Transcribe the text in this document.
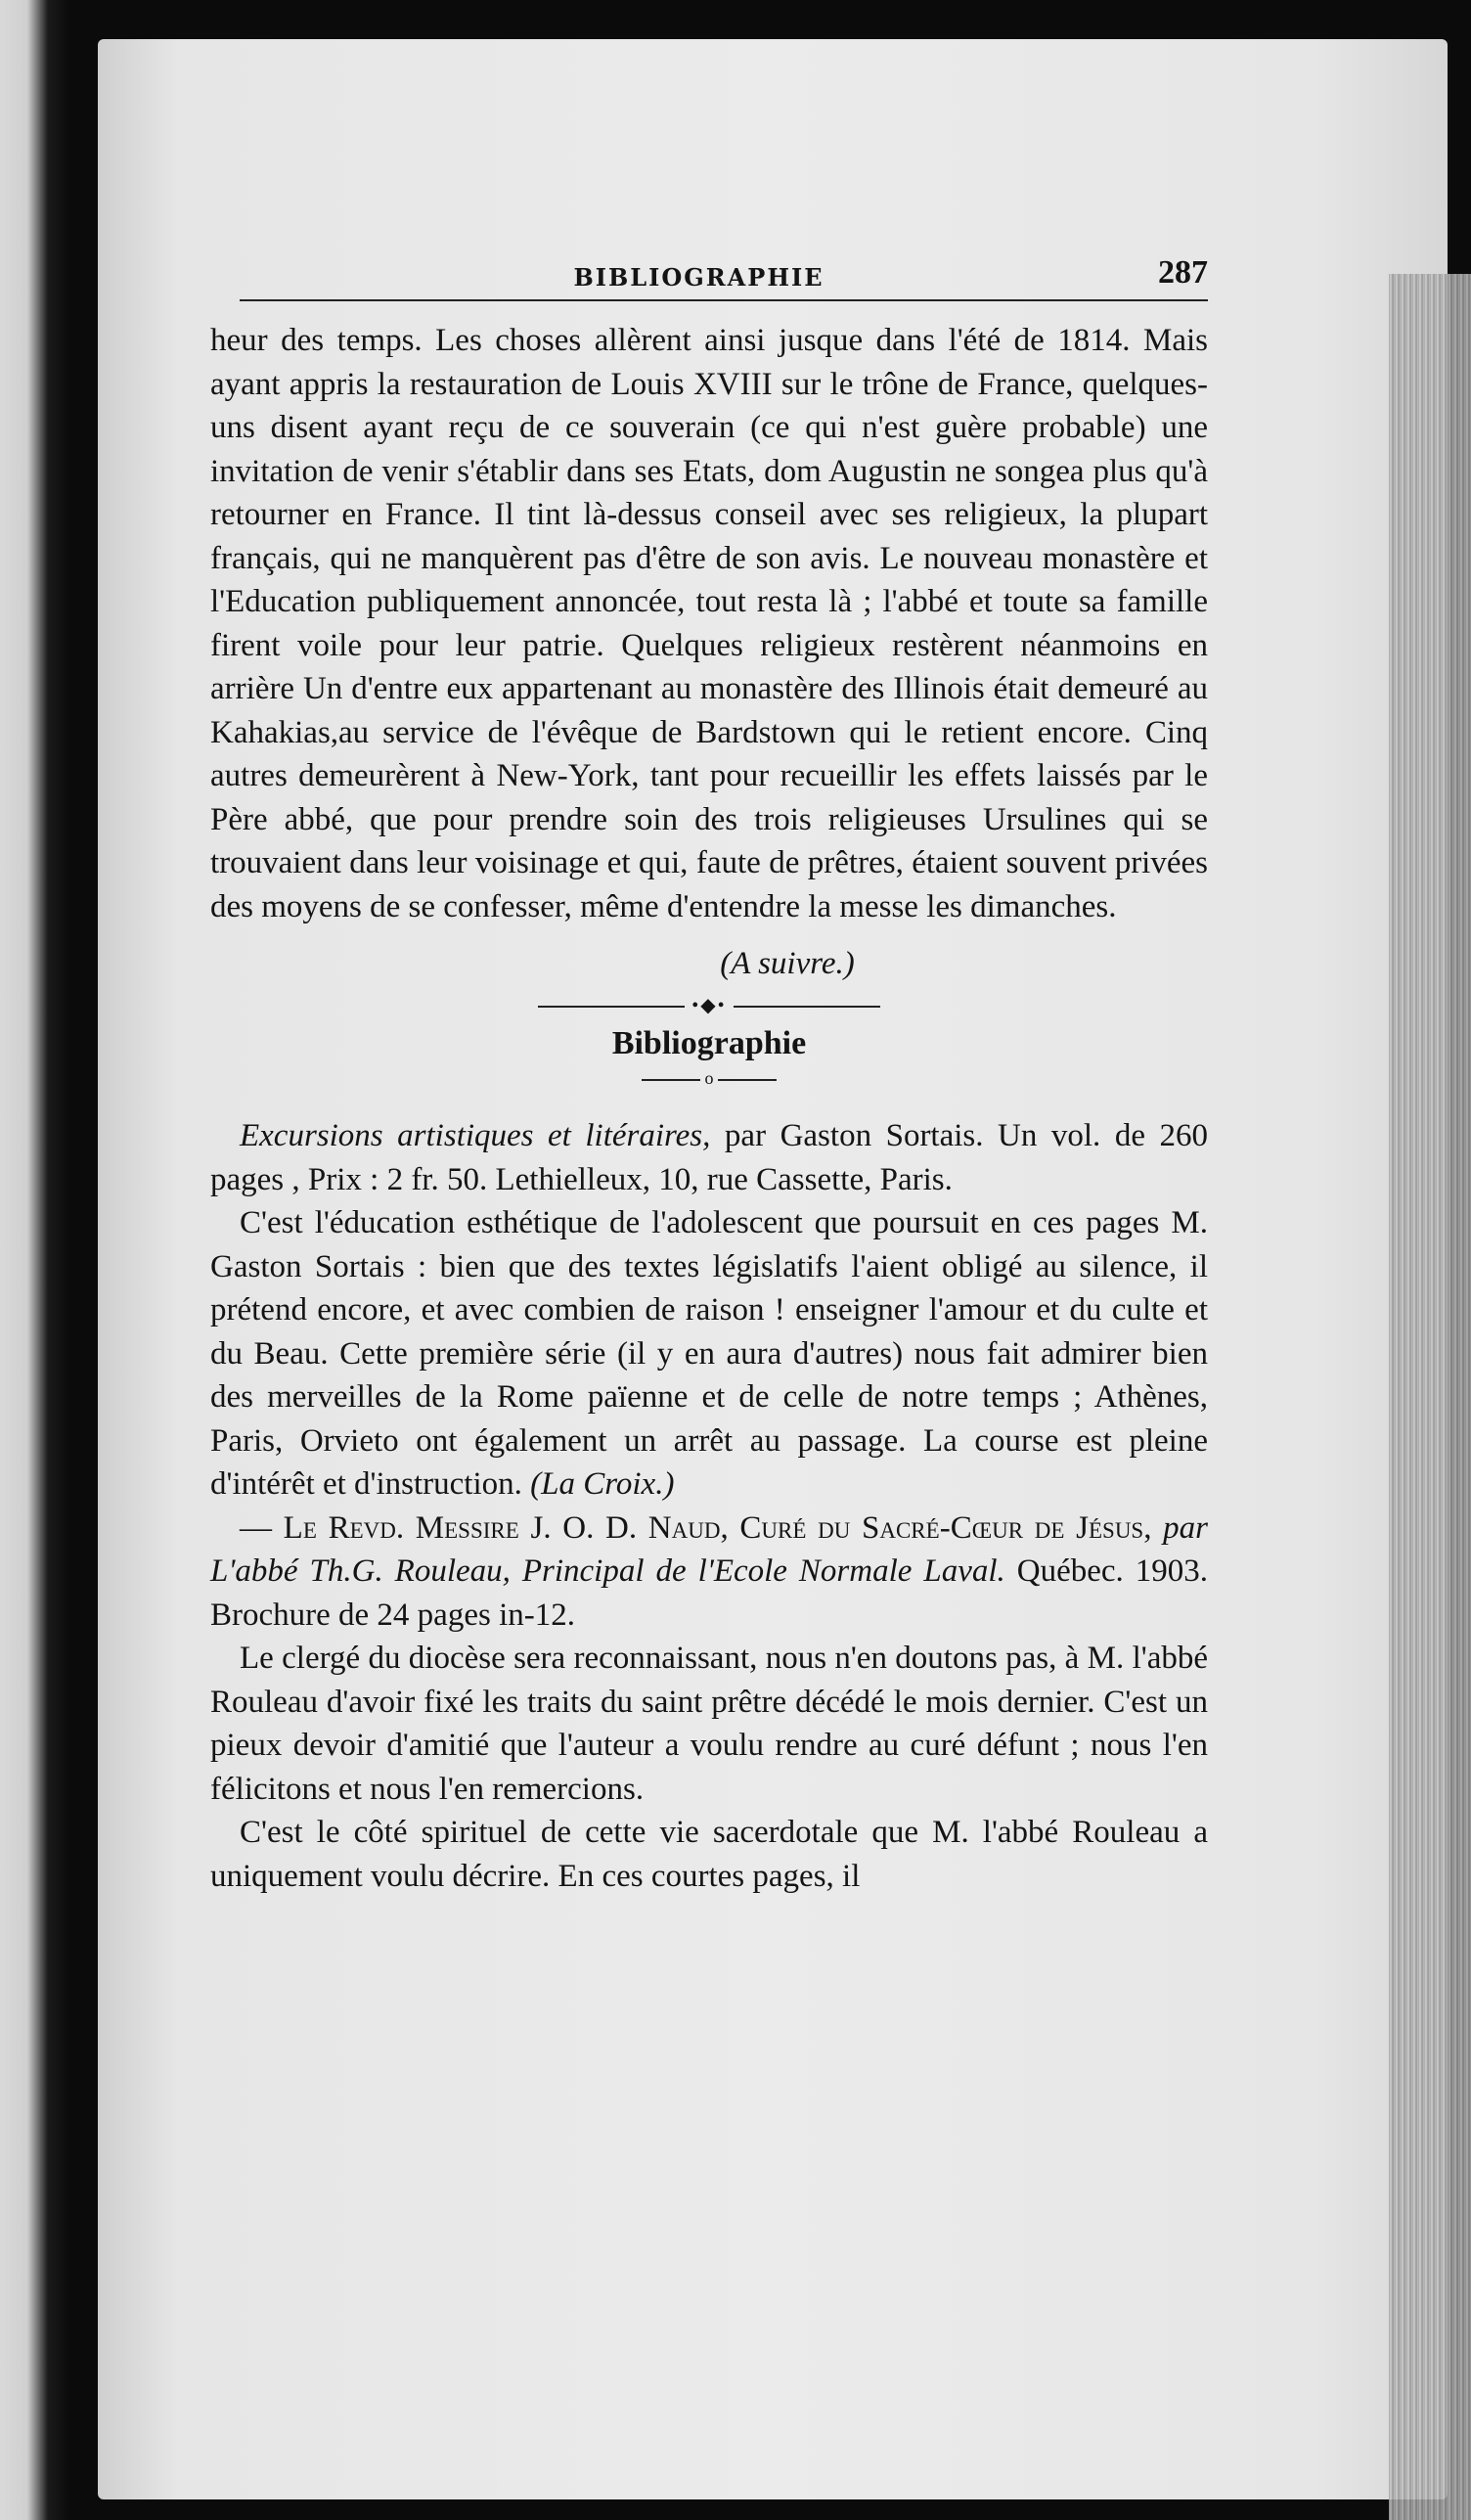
BIBLIOGRAPHIE	287

heur des temps. Les choses allèrent ainsi jusque dans l'été de 1814. Mais ayant appris la restauration de Louis XVIII sur le trône de France, quelques-uns disent ayant reçu de ce souverain (ce qui n'est guère probable) une invitation de venir s'établir dans ses Etats, dom Augustin ne songea plus qu'à retourner en France. Il tint là-dessus conseil avec ses religieux, la plupart français, qui ne manquèrent pas d'être de son avis. Le nouveau monastère et l'Education publiquement annoncée, tout resta là ; l'abbé et toute sa famille firent voile pour leur patrie. Quelques religieux restèrent néanmoins en arrière Un d'entre eux appartenant au monastère des Illinois était demeuré au Kahakias,au service de l'évêque de Bardstown qui le retient encore. Cinq autres demeurèrent à New-York, tant pour recueillir les effets laissés par le Père abbé, que pour prendre soin des trois religieuses Ursulines qui se trouvaient dans leur voisinage et qui, faute de prêtres, étaient souvent privées des moyens de se confesser, même d'entendre la messe les dimanches.

(A suivre.)
•◆•
Bibliographie
o

Excursions artistiques et litéraires, par Gaston Sortais. Un vol. de 260 pages , Prix : 2 fr. 50. Lethielleux, 10, rue Cassette, Paris.

C'est l'éducation esthétique de l'adolescent que poursuit en ces pages M. Gaston Sortais : bien que des textes législatifs l'aient obligé au silence, il prétend encore, et avec combien de raison ! enseigner l'amour et du culte et du Beau. Cette première série (il y en aura d'autres) nous fait admirer bien des merveilles de la Rome païenne et de celle de notre temps ; Athènes, Paris, Orvieto ont également un arrêt au passage. La course est pleine d'intérêt et d'instruction. (La Croix.)

— Le Revd. Messire J. O. D. Naud, Curé du Sacré-Cœur de Jésus, par L'abbé Th.G. Rouleau, Principal de l'Ecole Normale Laval. Québec. 1903. Brochure de 24 pages in-12.

Le clergé du diocèse sera reconnaissant, nous n'en doutons pas, à M. l'abbé Rouleau d'avoir fixé les traits du saint prêtre décédé le mois dernier. C'est un pieux devoir d'amitié que l'auteur a voulu rendre au curé défunt ; nous l'en félicitons et nous l'en remercions.

C'est le côté spirituel de cette vie sacerdotale que M. l'abbé Rouleau a uniquement voulu décrire. En ces courtes pages, il
